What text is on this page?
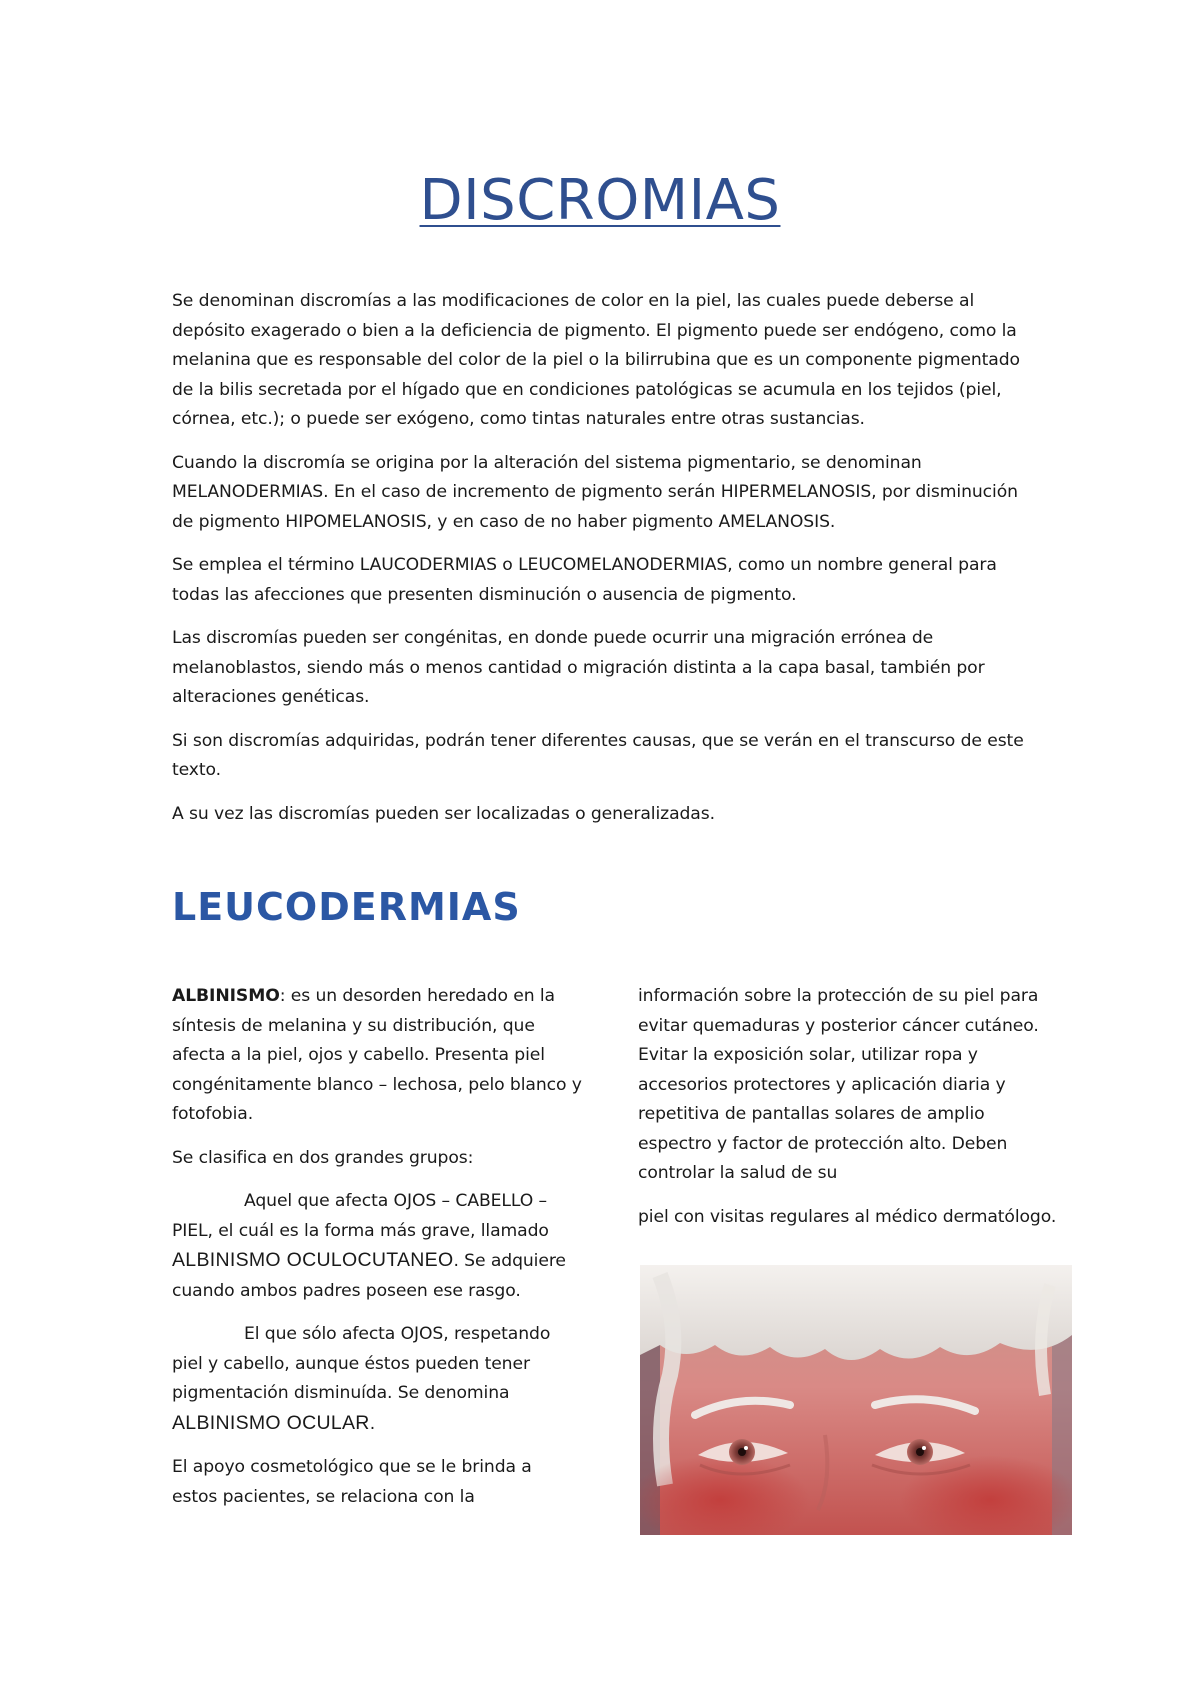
DISCROMIAS

Se denominan discromías a las modificaciones de color en la piel, las cuales puede deberse al depósito exagerado o bien a la deficiencia de pigmento. El pigmento puede ser endógeno, como la melanina que es responsable del color de la piel o la bilirrubina que es un componente pigmentado de la bilis secretada por el hígado que en condiciones patológicas se acumula en los tejidos (piel, córnea, etc.); o puede ser exógeno, como tintas naturales entre otras sustancias.

Cuando la discromía se origina por la alteración del sistema pigmentario, se denominan MELANODERMIAS. En el caso de incremento de pigmento serán HIPERMELANOSIS, por disminución de pigmento HIPOMELANOSIS, y en caso de no haber pigmento AMELANOSIS.

Se emplea el término LAUCODERMIAS o LEUCOMELANODERMIAS, como un nombre general para todas las afecciones que presenten disminución o ausencia de pigmento.

Las discromías pueden ser congénitas, en donde puede ocurrir una migración errónea de melanoblastos, siendo más o menos cantidad o migración distinta a la capa basal, también por alteraciones genéticas.

Si son discromías adquiridas, podrán tener diferentes causas, que se verán en el transcurso de este texto.

A su vez las discromías pueden ser localizadas o generalizadas.

LEUCODERMIAS

ALBINISMO: es un desorden heredado en la síntesis de melanina y su distribución, que afecta a la piel, ojos y cabello. Presenta piel congénitamente blanco – lechosa, pelo blanco y fotofobia.

Se clasifica en dos grandes grupos:

Aquel que afecta OJOS – CABELLO – PIEL, el cuál es la forma más grave, llamado ALBINISMO OCULOCUTANEO. Se adquiere cuando ambos padres poseen ese rasgo.

El que sólo afecta OJOS, respetando piel y cabello, aunque éstos pueden tener pigmentación disminuída. Se denomina ALBINISMO OCULAR.

El apoyo cosmetológico que se le brinda a estos pacientes, se relaciona con la

información sobre la protección de su piel para evitar quemaduras y posterior cáncer cutáneo. Evitar la exposición solar, utilizar ropa y accesorios protectores y aplicación diaria y repetitiva de pantallas solares de amplio espectro y factor de protección alto. Deben controlar la salud de su

piel con visitas regulares al médico dermatólogo.
